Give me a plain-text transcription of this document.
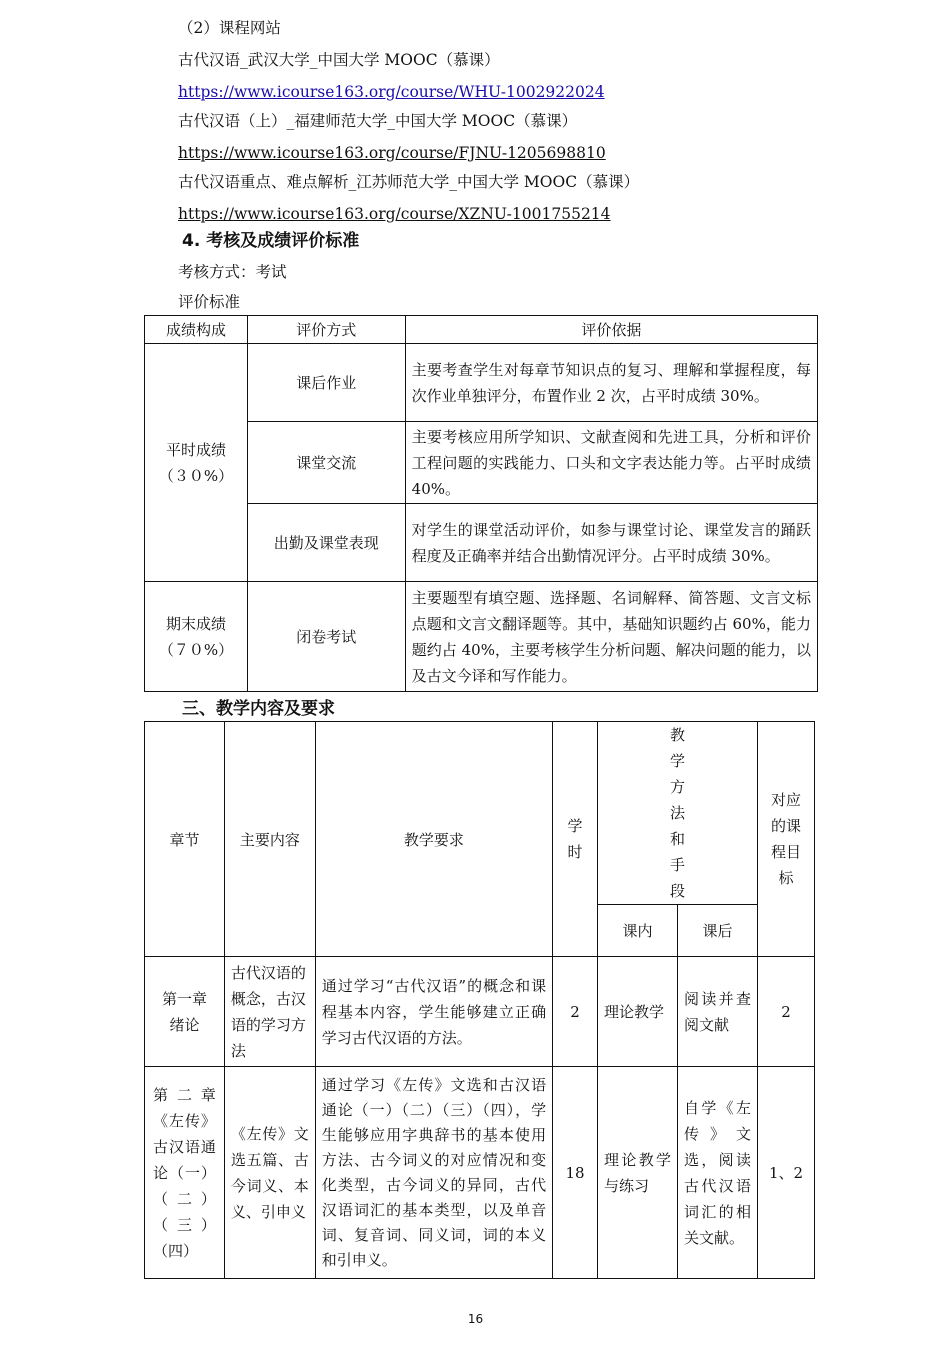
（2）课程网站
古代汉语_武汉大学_中国大学 MOOC（慕课）
https://www.icourse163.org/course/WHU-1002922024
古代汉语（上）_福建师范大学_中国大学 MOOC（慕课）
https://www.icourse163.org/course/FJNU-1205698810
古代汉语重点、难点解析_江苏师范大学_中国大学 MOOC（慕课）
https://www.icourse163.org/course/XZNU-1001755214
4. 考核及成绩评价标准
考核方式：考试
评价标准
成绩构成	评价方式	评价依据

平时成绩
（３０%）	课后作业	主要考查学生对每章节知识点的复习、理解和掌握程度，每次作业单独评分，布置作业 2 次，占平时成绩 30%。
	课堂交流	主要考核应用所学知识、文献查阅和先进工具，分析和评价工程问题的实践能力、口头和文字表达能力等。占平时成绩 40%。
	出勤及课堂表现	对学生的课堂活动评价，如参与课堂讨论、课堂发言的踊跃程度及正确率并结合出勤情况评分。占平时成绩 30%。

期末成绩
（７０%）	闭卷考试	主要题型有填空题、选择题、名词解释、简答题、文言文标点题和文言文翻译题等。其中，基础知识题约占 60%，能力题约占 40%，主要考核学生分析问题、解决问题的能力，以及古文今译和写作能力。
三、教学内容及要求
章节	主要内容	教学要求	学时	教学方法和手段		对应的课程目标
				课内	课后	
第一章绪论	古代汉语的概念，古汉语的学习方法	通过学习“古代汉语”的概念和课程基本内容，学生能够建立正确学习古代汉语的方法。	2	理论教学	阅读并查阅文献	2
第二章《左传》古汉语通论（一）（二）（三）（四）	《左传》文选五篇、古今词义、本义、引申义	通过学习《左传》文选和古汉语通论（一）（二）（三）（四），学生能够应用字典辞书的基本使用方法、古今词义的对应情况和变化类型，古今词义的异同，古代汉语词汇的基本类型，以及单音词、复音词、同义词，词的本义和引申义。	18	理论教学与练习	自学《左传》文选，阅读古代汉语词汇的相关文献。	1、2
16
